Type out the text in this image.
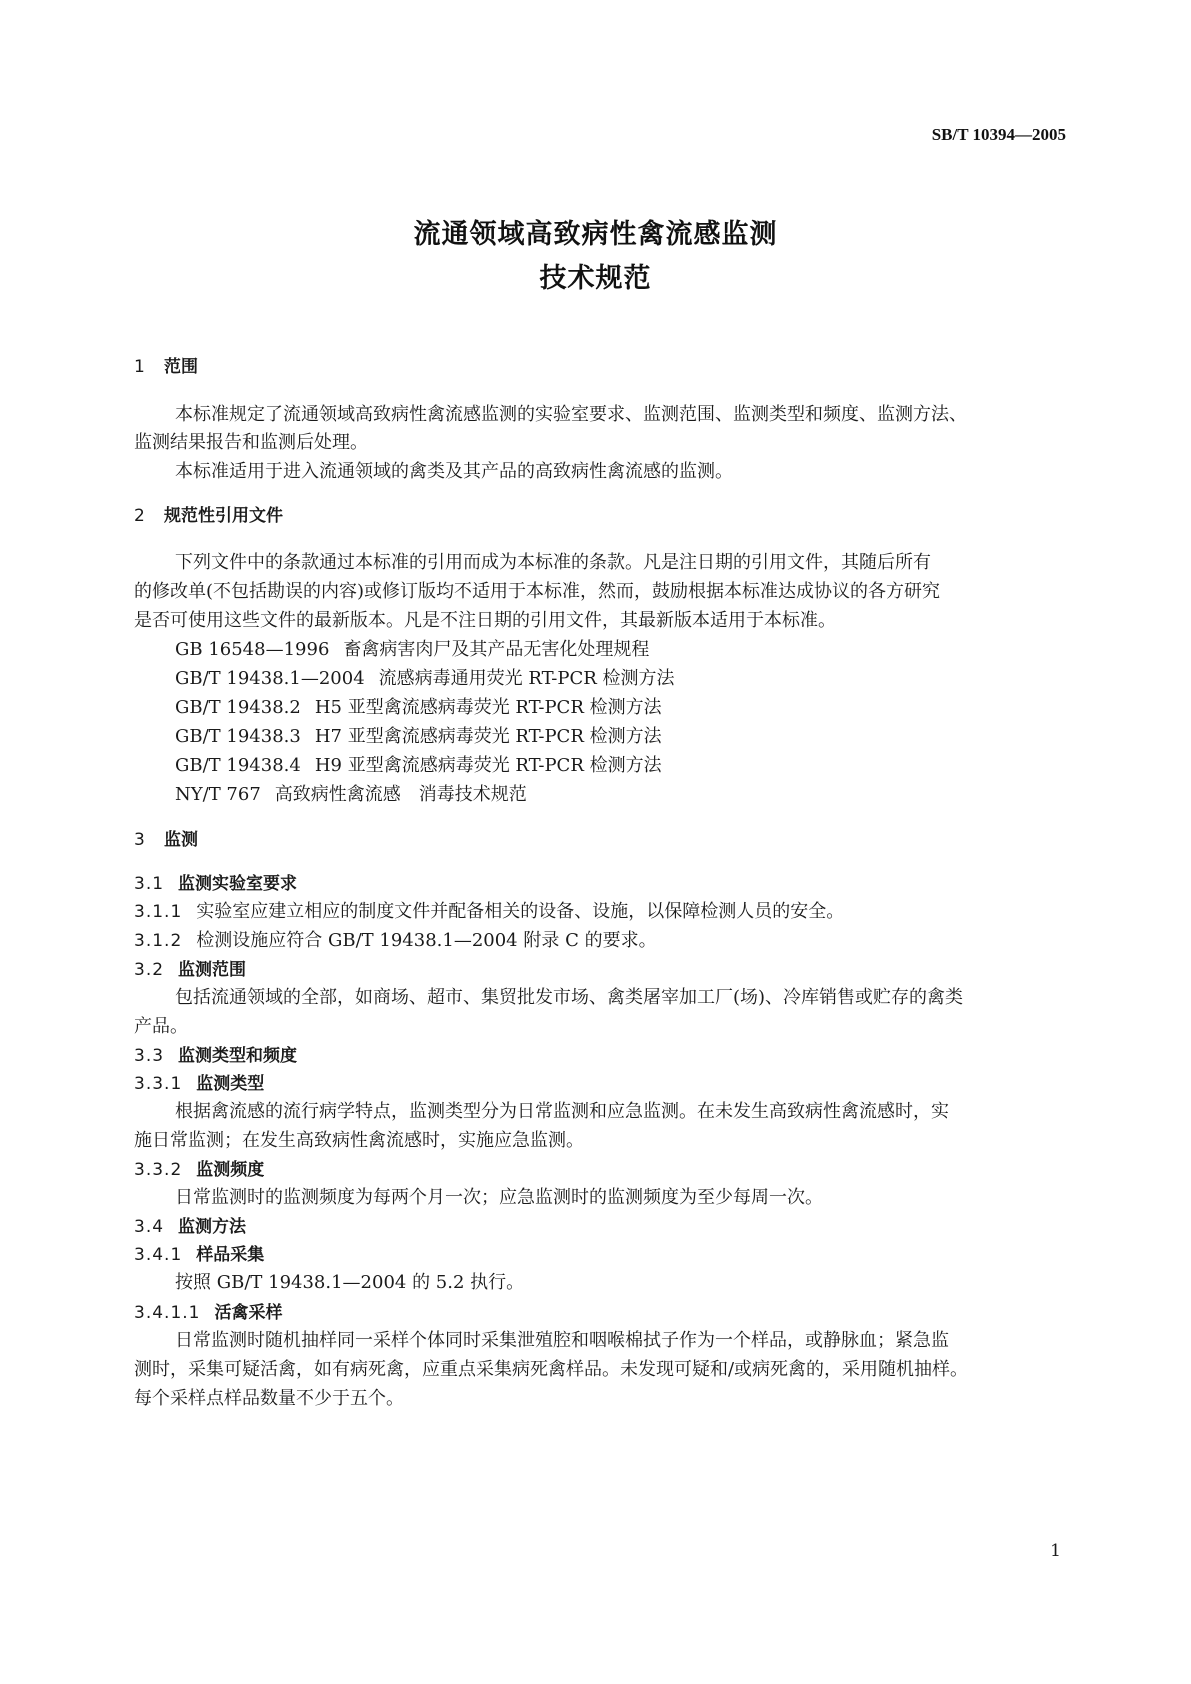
SB/T 10394—2005
流通领域高致病性禽流感监测
技术规范
1 范围
本标准规定了流通领域高致病性禽流感监测的实验室要求、监测范围、监测类型和频度、监测方法、
监测结果报告和监测后处理。
本标准适用于进入流通领域的禽类及其产品的高致病性禽流感的监测。
2 规范性引用文件
下列文件中的条款通过本标准的引用而成为本标准的条款。凡是注日期的引用文件，其随后所有
的修改单(不包括勘误的内容)或修订版均不适用于本标准，然而，鼓励根据本标准达成协议的各方研究
是否可使用这些文件的最新版本。凡是不注日期的引用文件，其最新版本适用于本标准。
GB 16548—1996 畜禽病害肉尸及其产品无害化处理规程
GB/T 19438.1—2004 流感病毒通用荧光 RT-PCR 检测方法
GB/T 19438.2 H5 亚型禽流感病毒荧光 RT-PCR 检测方法
GB/T 19438.3 H7 亚型禽流感病毒荧光 RT-PCR 检测方法
GB/T 19438.4 H9 亚型禽流感病毒荧光 RT-PCR 检测方法
NY/T 767 高致病性禽流感　消毒技术规范
3 监测
3.1 监测实验室要求
3.1.1 实验室应建立相应的制度文件并配备相关的设备、设施，以保障检测人员的安全。
3.1.2 检测设施应符合 GB/T 19438.1—2004 附录 C 的要求。
3.2 监测范围
包括流通领域的全部，如商场、超市、集贸批发市场、禽类屠宰加工厂(场)、冷库销售或贮存的禽类
产品。
3.3 监测类型和频度
3.3.1 监测类型
根据禽流感的流行病学特点，监测类型分为日常监测和应急监测。在未发生高致病性禽流感时，实
施日常监测；在发生高致病性禽流感时，实施应急监测。
3.3.2 监测频度
日常监测时的监测频度为每两个月一次；应急监测时的监测频度为至少每周一次。
3.4 监测方法
3.4.1 样品采集
按照 GB/T 19438.1—2004 的 5.2 执行。
3.4.1.1 活禽采样
日常监测时随机抽样同一采样个体同时采集泄殖腔和咽喉棉拭子作为一个样品，或静脉血；紧急监
测时，采集可疑活禽，如有病死禽，应重点采集病死禽样品。未发现可疑和/或病死禽的，采用随机抽样。
每个采样点样品数量不少于五个。
1
